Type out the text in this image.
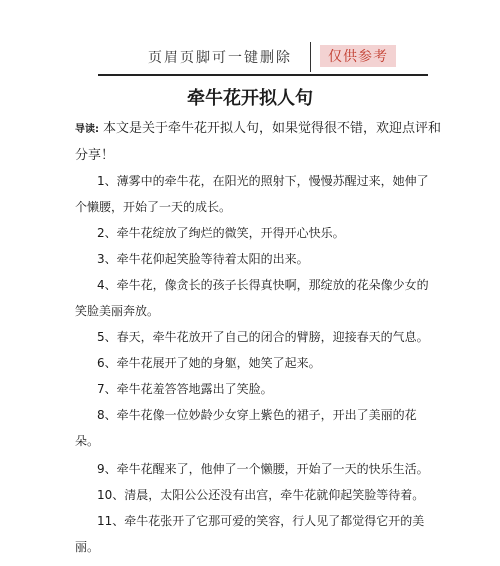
页眉页脚可一键删除	仅供参考
牵牛花开拟人句
导读: 本文是关于牵牛花开拟人句，如果觉得很不错，欢迎点评和分享！
1、薄雾中的牵牛花，在阳光的照射下，慢慢苏醒过来，她伸了个懒腰，开始了一天的成长。
2、牵牛花绽放了绚烂的微笑，开得开心快乐。
3、牵牛花仰起笑脸等待着太阳的出来。
4、牵牛花，像贪长的孩子长得真快啊，那绽放的花朵像少女的笑脸美丽奔放。
5、春天，牵牛花放开了自己的闭合的臂膀，迎接春天的气息。
6、牵牛花展开了她的身躯，她笑了起来。
7、牵牛花羞答答地露出了笑脸。
8、牵牛花像一位妙龄少女穿上紫色的裙子，开出了美丽的花朵。
9、牵牛花醒来了，他伸了一个懒腰，开始了一天的快乐生活。
10、清晨，太阳公公还没有出宫，牵牛花就仰起笑脸等待着。
11、牵牛花张开了它那可爱的笑容，行人见了都觉得它开的美丽。
